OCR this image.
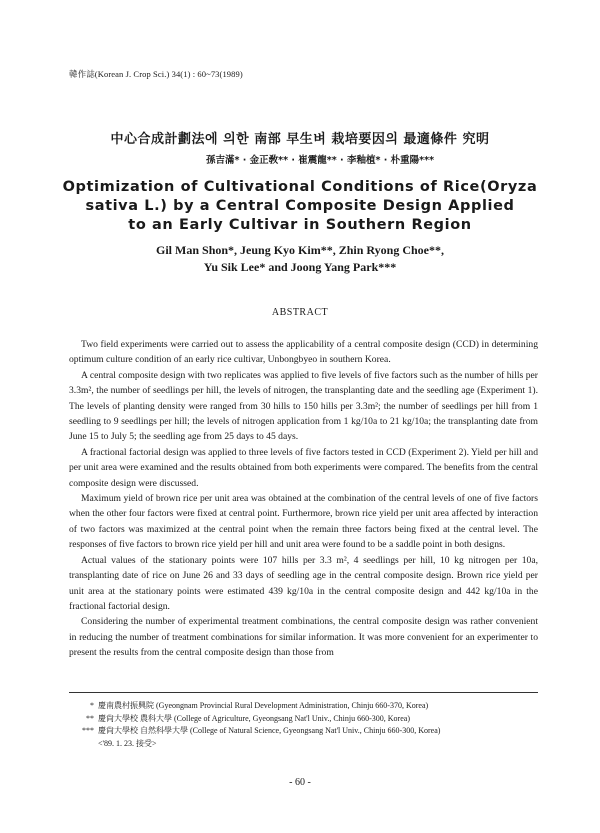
韓作誌(Korean J. Crop Sci.) 34(1) : 60~73(1989)
中心合成計劃法에 의한 南部 早生벼 栽培要因의 最適條件 究明
孫吉滿* · 金正敎** · 崔震龍** · 李釉植* · 朴重陽***
Optimization of Cultivational Conditions of Rice(Oryza
sativa L.) by a Central Composite Design Applied
to an Early Cultivar in Southern Region
Gil Man Shon*, Jeung Kyo Kim**, Zhin Ryong Choe**,
Yu Sik Lee* and Joong Yang Park***
ABSTRACT

Two field experiments were carried out to assess the applicability of a central composite design (CCD) in determining optimum culture condition of an early rice cultivar, Unbongbyeo in southern Korea.

A central composite design with two replicates was applied to five levels of five factors such as the number of hills per 3.3m², the number of seedlings per hill, the levels of nitrogen, the transplanting date and the seedling age (Experiment 1). The levels of planting density were ranged from 30 hills to 150 hills per 3.3m²; the number of seedlings per hill from 1 seedling to 9 seedlings per hill; the levels of nitrogen application from 1 kg/10a to 21 kg/10a; the transplanting date from June 15 to July 5; the seedling age from 25 days to 45 days.

A fractional factorial design was applied to three levels of five factors tested in CCD (Experiment 2). Yield per hill and per unit area were examined and the results obtained from both experiments were compared. The benefits from the central composite design were discussed.

Maximum yield of brown rice per unit area was obtained at the combination of the central levels of one of five factors when the other four factors were fixed at central point. Furthermore, brown rice yield per unit area affected by interaction of two factors was maximized at the central point when the remain three factors being fixed at the central level. The responses of five factors to brown rice yield per hill and unit area were found to be a saddle point in both designs.

Actual values of the stationary points were 107 hills per 3.3 m², 4 seedlings per hill, 10 kg nitrogen per 10a, transplanting date of rice on June 26 and 33 days of seedling age in the central composite design. Brown rice yield per unit area at the stationary points were estimated 439 kg/10a in the central composite design and 442 kg/10a in the fractional factorial design.

Considering the number of experimental treatment combinations, the central composite design was rather convenient in reducing the number of treatment combinations for similar information. It was more convenient for an experimenter to present the results from the central composite design than those from

* 慶南農村振興院 (Gyeongnam Provincial Rural Development Administration, Chinju 660-370, Korea)
** 慶尙大學校 農科大學 (College of Agriculture, Gyeongsang Nat'l Univ., Chinju 660-300, Korea)
*** 慶尙大學校 自然科學大學 (College of Natural Science, Gyeongsang Nat'l Univ., Chinju 660-300, Korea)
<'89. 1. 23. 接受>
- 60 -
